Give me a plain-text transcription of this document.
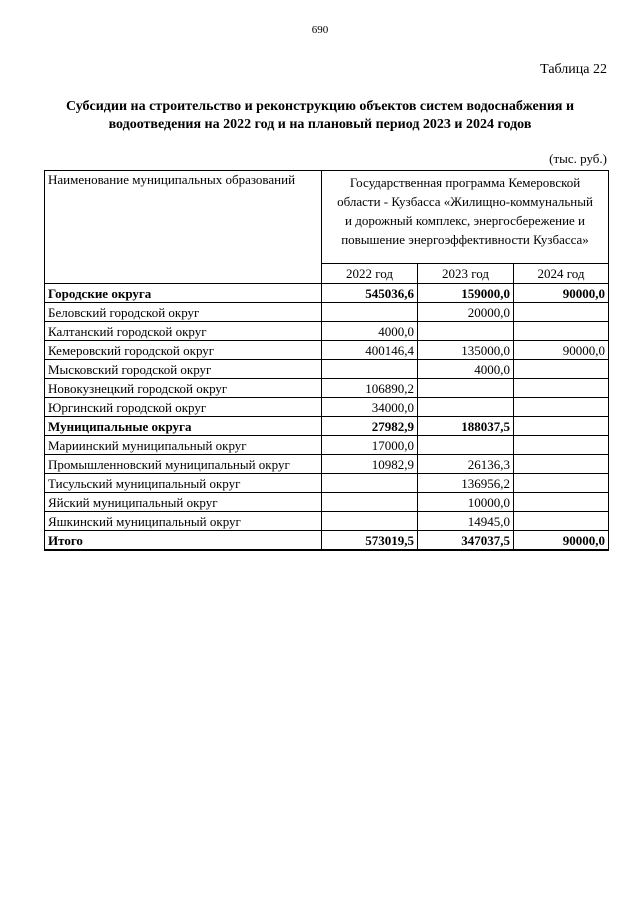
690
Таблица 22
Субсидии на строительство и реконструкцию объектов систем водоснабжения и
водоотведения на 2022 год и на плановый период 2023 и 2024 годов
(тыс. руб.)
Наименование муниципальных образований	Государственная программа Кемеровской
области - Кузбасса «Жилищно-коммунальный
и дорожный комплекс, энергосбережение и
повышение энергоэффективности Кузбасса»		

	2022 год	2023 год	2024 год
Городские округа	545036,6	159000,0	90000,0
Беловский городской округ		20000,0	
Калтанский городской округ	4000,0		
Кемеровский городской округ	400146,4	135000,0	90000,0
Мысковский городской округ		4000,0	
Новокузнецкий городской округ	106890,2		
Юргинский городской округ	34000,0		
Муниципальные округа	27982,9	188037,5	
Мариинский муниципальный округ	17000,0		
Промышленновский муниципальный округ	10982,9	26136,3	
Тисульский муниципальный округ		136956,2	
Яйский муниципальный округ		10000,0	
Яшкинский муниципальный округ		14945,0	
Итого	573019,5	347037,5	90000,0
